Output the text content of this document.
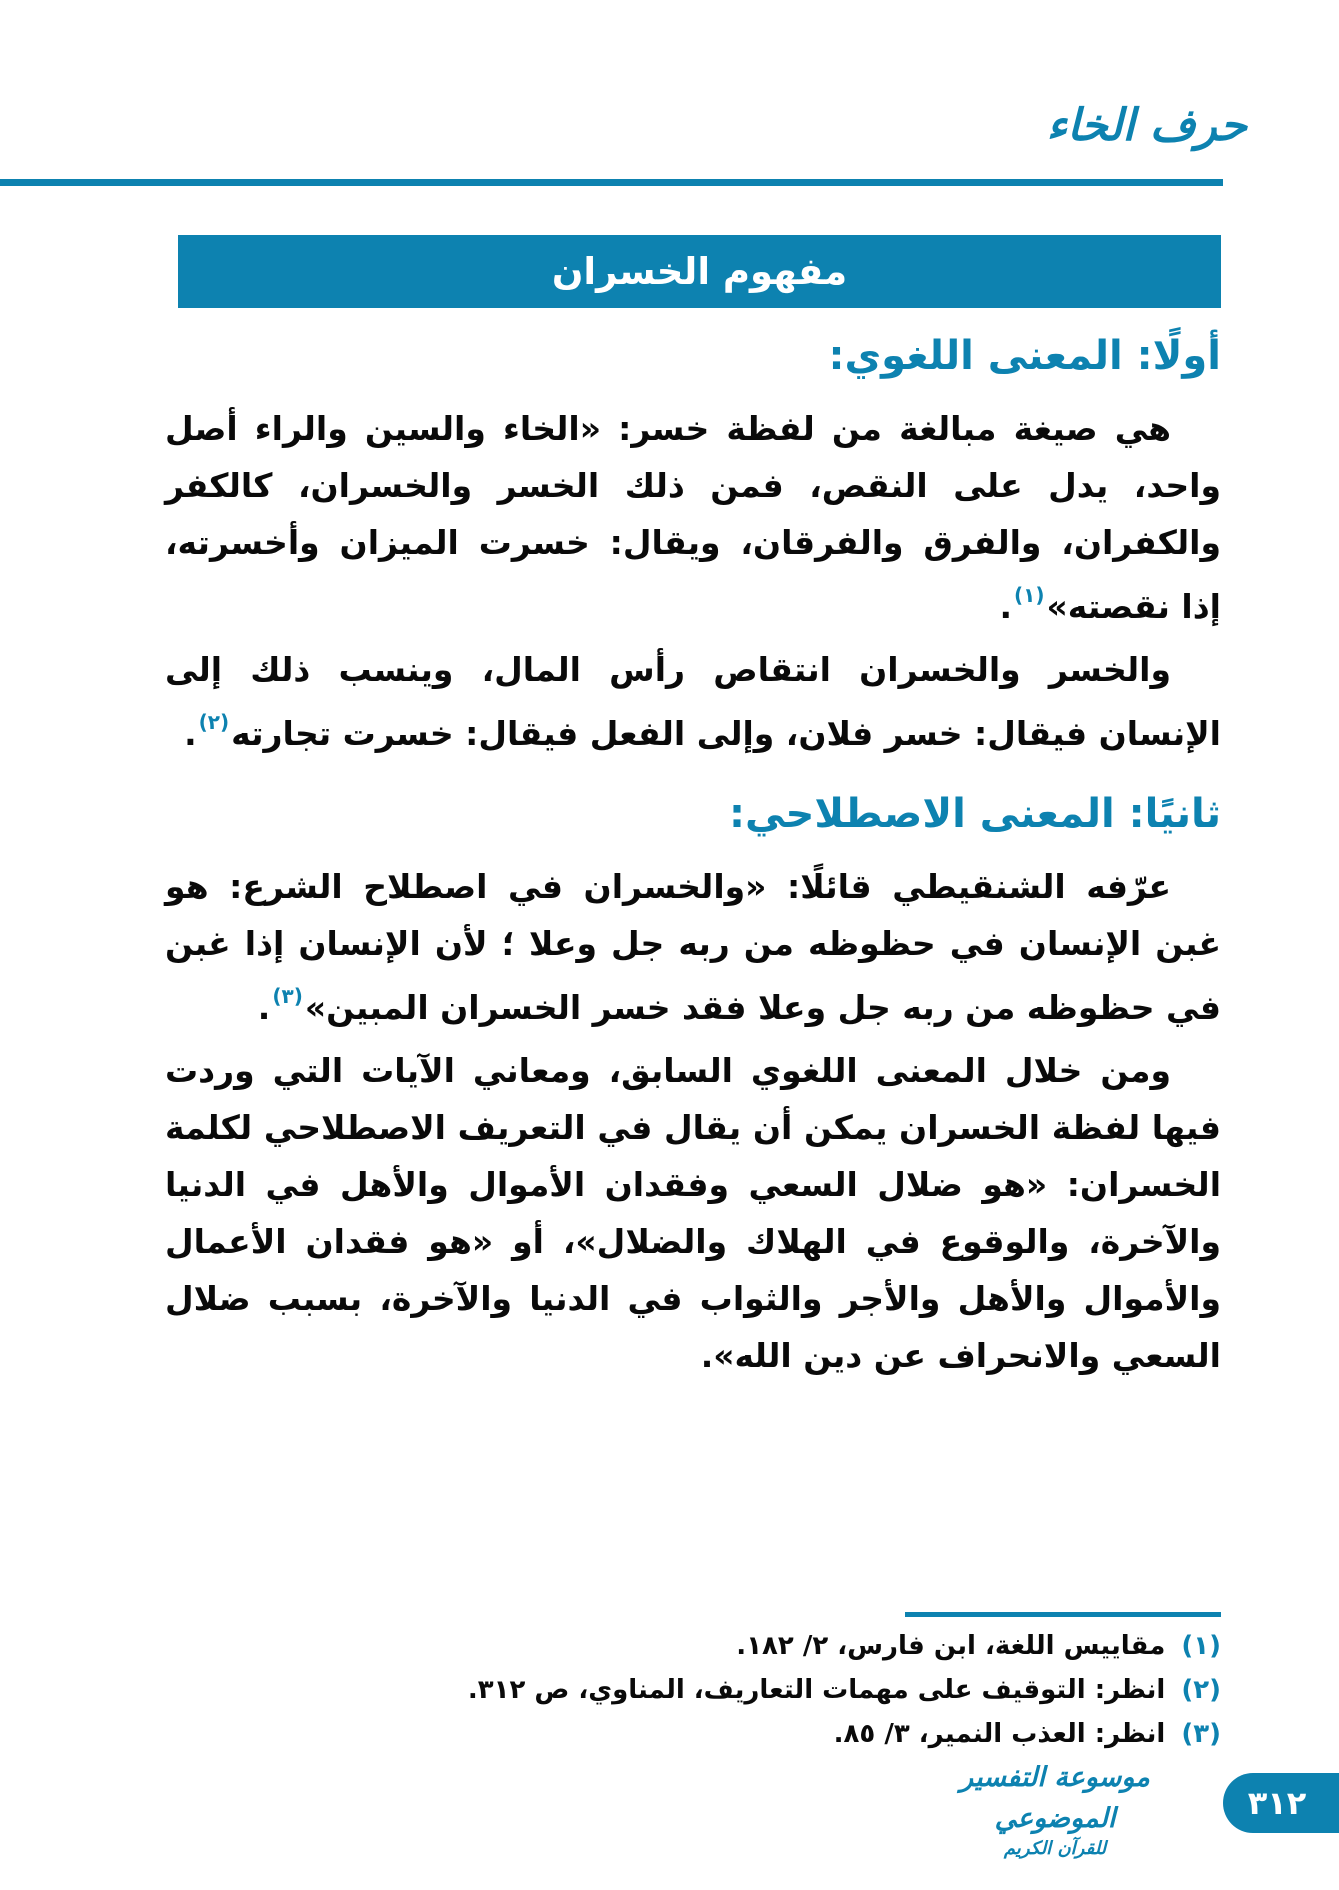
حرف الخاء
مفهوم الخسران
أولًا: المعنى اللغوي:

هي صيغة مبالغة من لفظة خسر: «الخاء والسين والراء أصل واحد، يدل على النقص، فمن ذلك الخسر والخسران، كالكفر والكفران، والفرق والفرقان، ويقال: خسرت الميزان وأخسرته، إذا نقصته»$^{(١)}$.

والخسر والخسران انتقاص رأس المال، وينسب ذلك إلى الإنسان فيقال: خسر فلان، وإلى الفعل فيقال: خسرت تجارته$^{(٢)}$.

ثانيًا: المعنى الاصطلاحي:

عرّفه الشنقيطي قائلًا: «والخسران في اصطلاح الشرع: هو غبن الإنسان في حظوظه من ربه جل وعلا ؛ لأن الإنسان إذا غبن في حظوظه من ربه جل وعلا فقد خسر الخسران المبين»$^{(٣)}$.

ومن خلال المعنى اللغوي السابق، ومعاني الآيات التي وردت فيها لفظة الخسران يمكن أن يقال في التعريف الاصطلاحي لكلمة الخسران: «هو ضلال السعي وفقدان الأموال والأهل في الدنيا والآخرة، والوقوع في الهلاك والضلال»، أو «هو فقدان الأعمال والأموال والأهل والأجر والثواب في الدنيا والآخرة، بسبب ضلال السعي والانحراف عن دين الله».

(١)مقاييس اللغة، ابن فارس، ٢/ ١٨٢.
(٢)انظر: التوقيف على مهمات التعاريف، المناوي، ص ٣١٢.
(٣)انظر: العذب النمير، ٣/ ٨٥.
موسوعة التفسير الموضوعي
للقرآن الكريم
٣١٢
